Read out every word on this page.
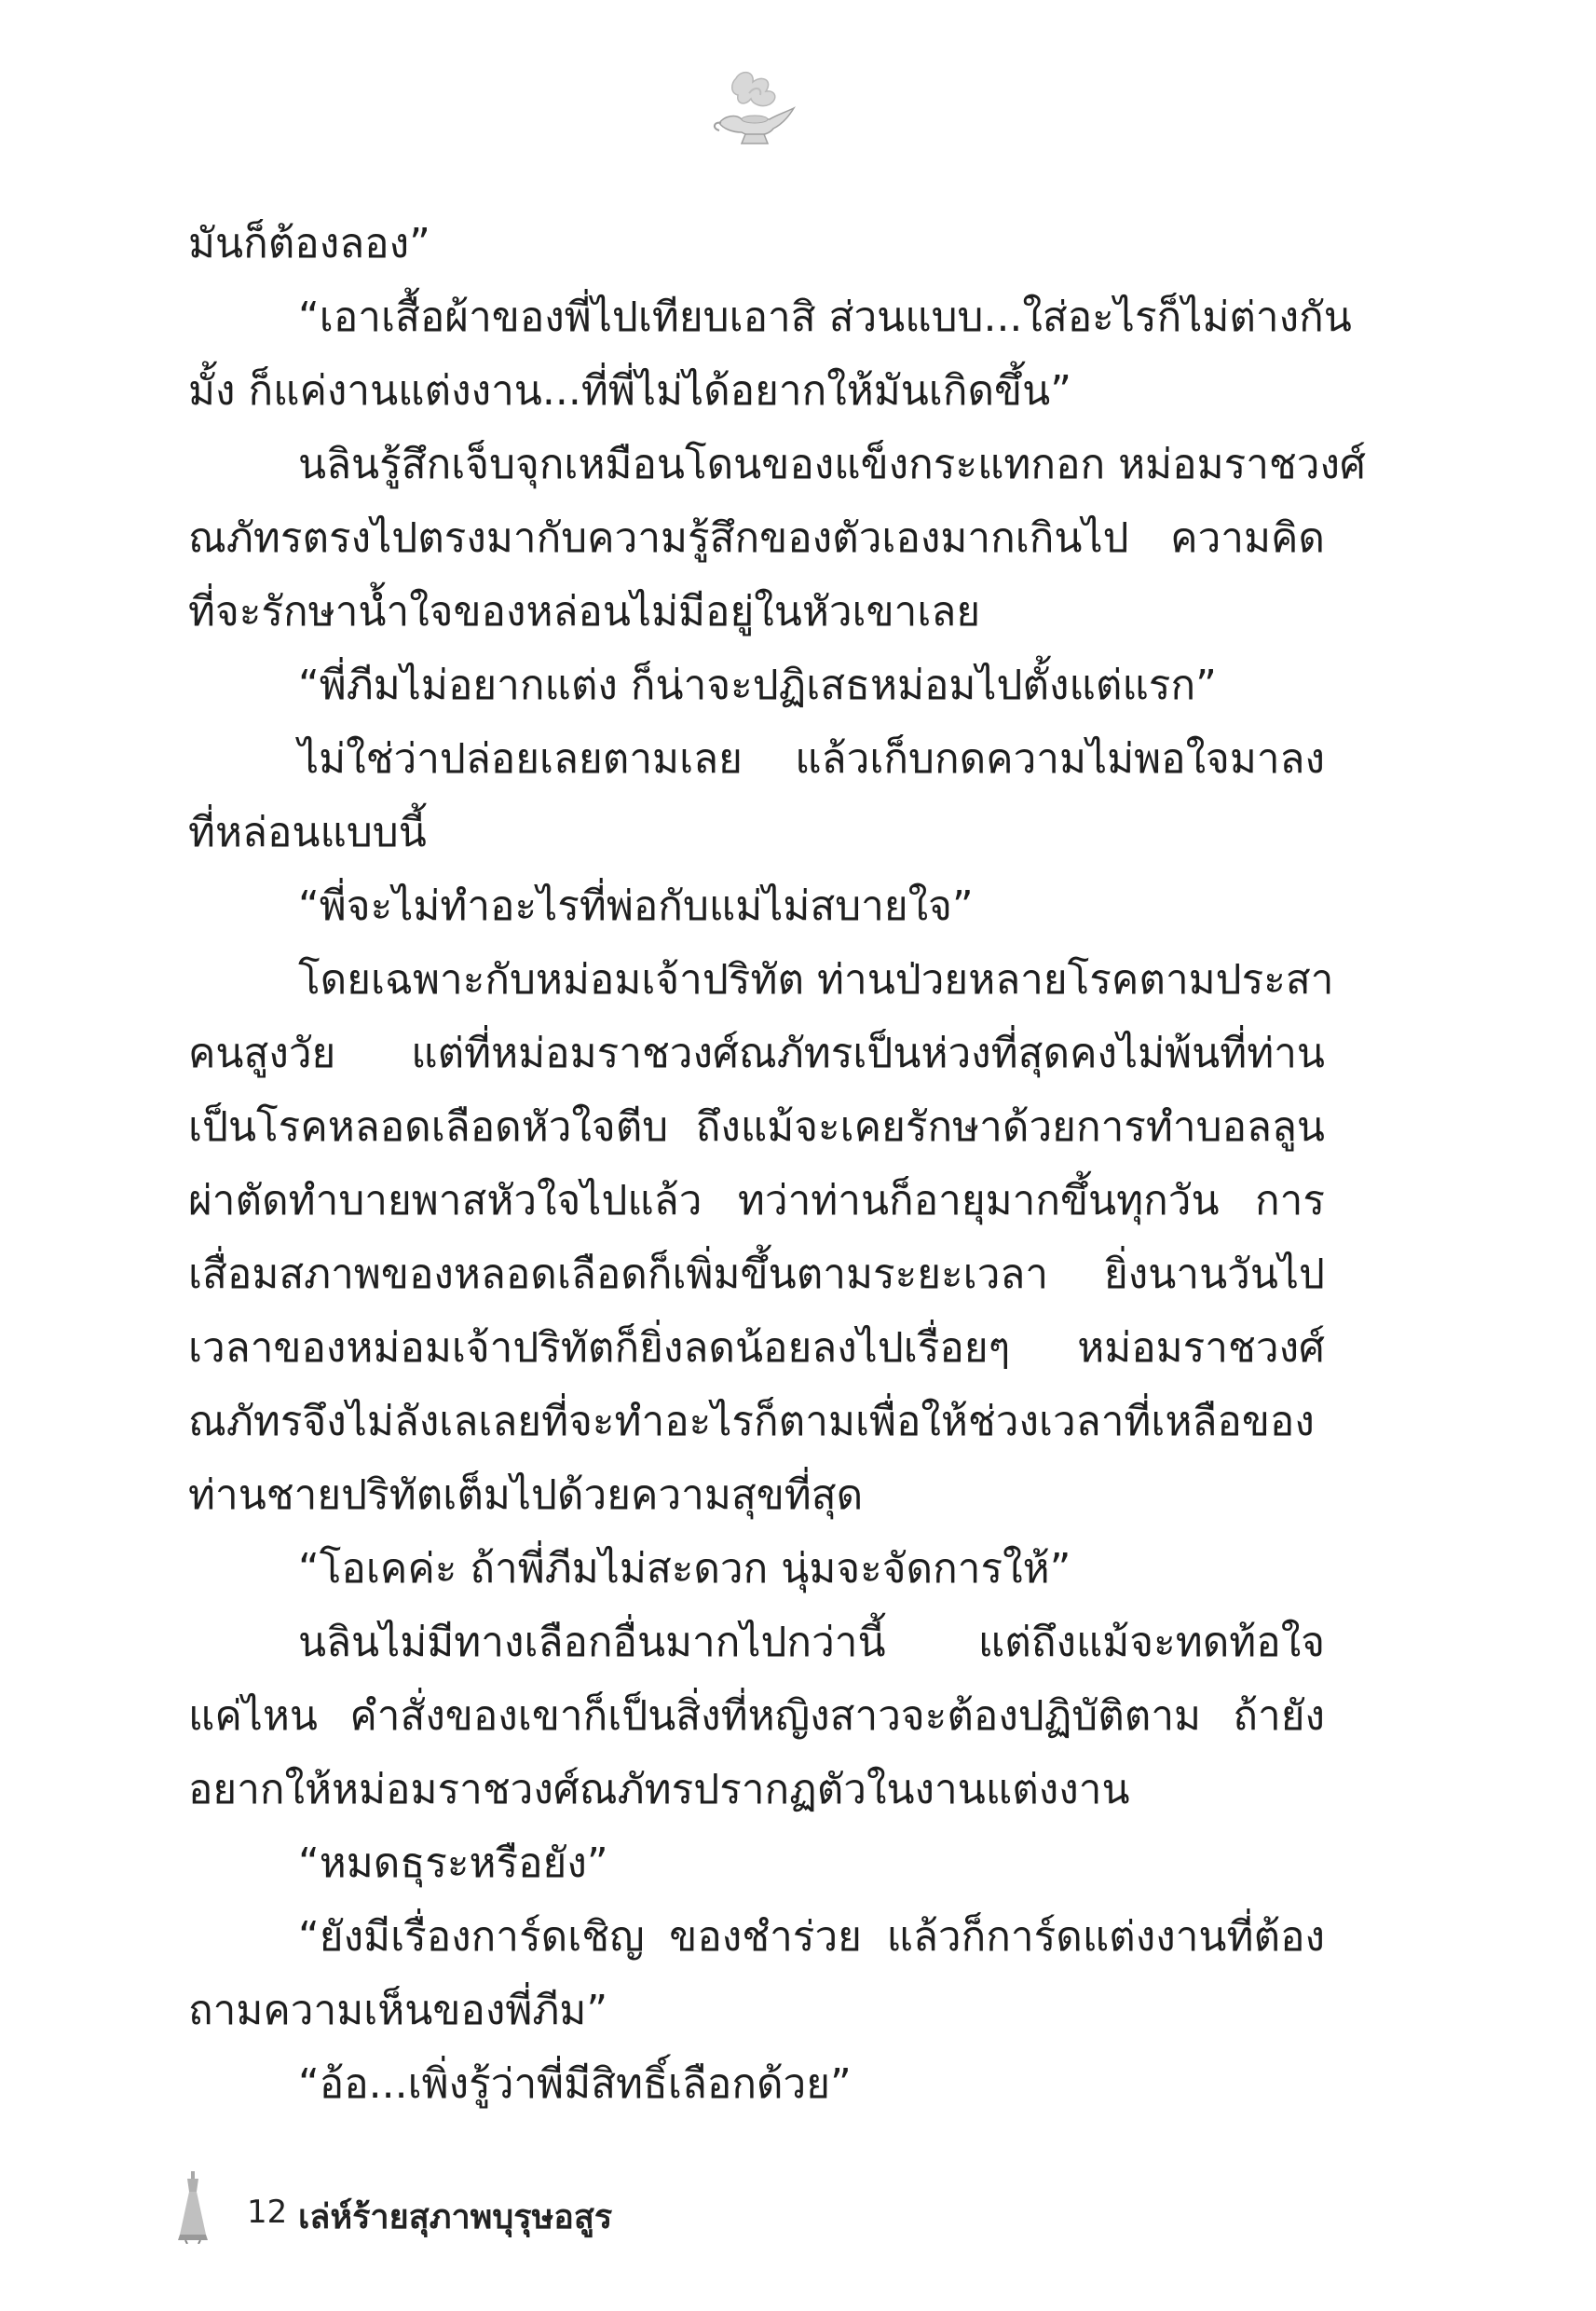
มันก็ต้องลอง”
“เอาเสื้อผ้าของพี่ไปเทียบเอาสิ ส่วนแบบ...ใส่อะไรก็ไม่ต่างกัน
มั้ง ก็แค่งานแต่งงาน...ที่พี่ไม่ได้อยากให้มันเกิดขึ้น”
นลินรู้สึกเจ็บจุกเหมือนโดนของแข็งกระแทกอก หม่อมราชวงศ์
ณภัทรตรงไปตรงมากับความรู้สึกของตัวเองมากเกินไป ความคิด
ที่จะรักษาน้ำใจของหล่อนไม่มีอยู่ในหัวเขาเลย
“พี่ภีมไม่อยากแต่ง ก็น่าจะปฏิเสธหม่อมไปตั้งแต่แรก”
ไม่ใช่ว่าปล่อยเลยตามเลย แล้วเก็บกดความไม่พอใจมาลง
ที่หล่อนแบบนี้
“พี่จะไม่ทำอะไรที่พ่อกับแม่ไม่สบายใจ”
โดยเฉพาะกับหม่อมเจ้าปริทัต ท่านป่วยหลายโรคตามประสา
คนสูงวัย แต่ที่หม่อมราชวงศ์ณภัทรเป็นห่วงที่สุดคงไม่พ้นที่ท่าน
เป็นโรคหลอดเลือดหัวใจตีบ ถึงแม้จะเคยรักษาด้วยการทำบอลลูน
ผ่าตัดทำบายพาสหัวใจไปแล้ว ทว่าท่านก็อายุมากขึ้นทุกวัน การ
เสื่อมสภาพของหลอดเลือดก็เพิ่มขึ้นตามระยะเวลา ยิ่งนานวันไป
เวลาของหม่อมเจ้าปริทัตก็ยิ่งลดน้อยลงไปเรื่อยๆ หม่อมราชวงศ์
ณภัทรจึงไม่ลังเลเลยที่จะทำอะไรก็ตามเพื่อให้ช่วงเวลาที่เหลือของ
ท่านชายปริทัตเต็มไปด้วยความสุขที่สุด
“โอเคค่ะ ถ้าพี่ภีมไม่สะดวก นุ่มจะจัดการให้”
นลินไม่มีทางเลือกอื่นมากไปกว่านี้ แต่ถึงแม้จะทดท้อใจ
แค่ไหน คำสั่งของเขาก็เป็นสิ่งที่หญิงสาวจะต้องปฏิบัติตาม ถ้ายัง
อยากให้หม่อมราชวงศ์ณภัทรปรากฏตัวในงานแต่งงาน
“หมดธุระหรือยัง”
“ยังมีเรื่องการ์ดเชิญ ของชำร่วย แล้วก็การ์ดแต่งงานที่ต้อง
ถามความเห็นของพี่ภีม”
“อ้อ...เพิ่งรู้ว่าพี่มีสิทธิ์เลือกด้วย”
12 เล่ห์ร้ายสุภาพบุรุษอสูร
